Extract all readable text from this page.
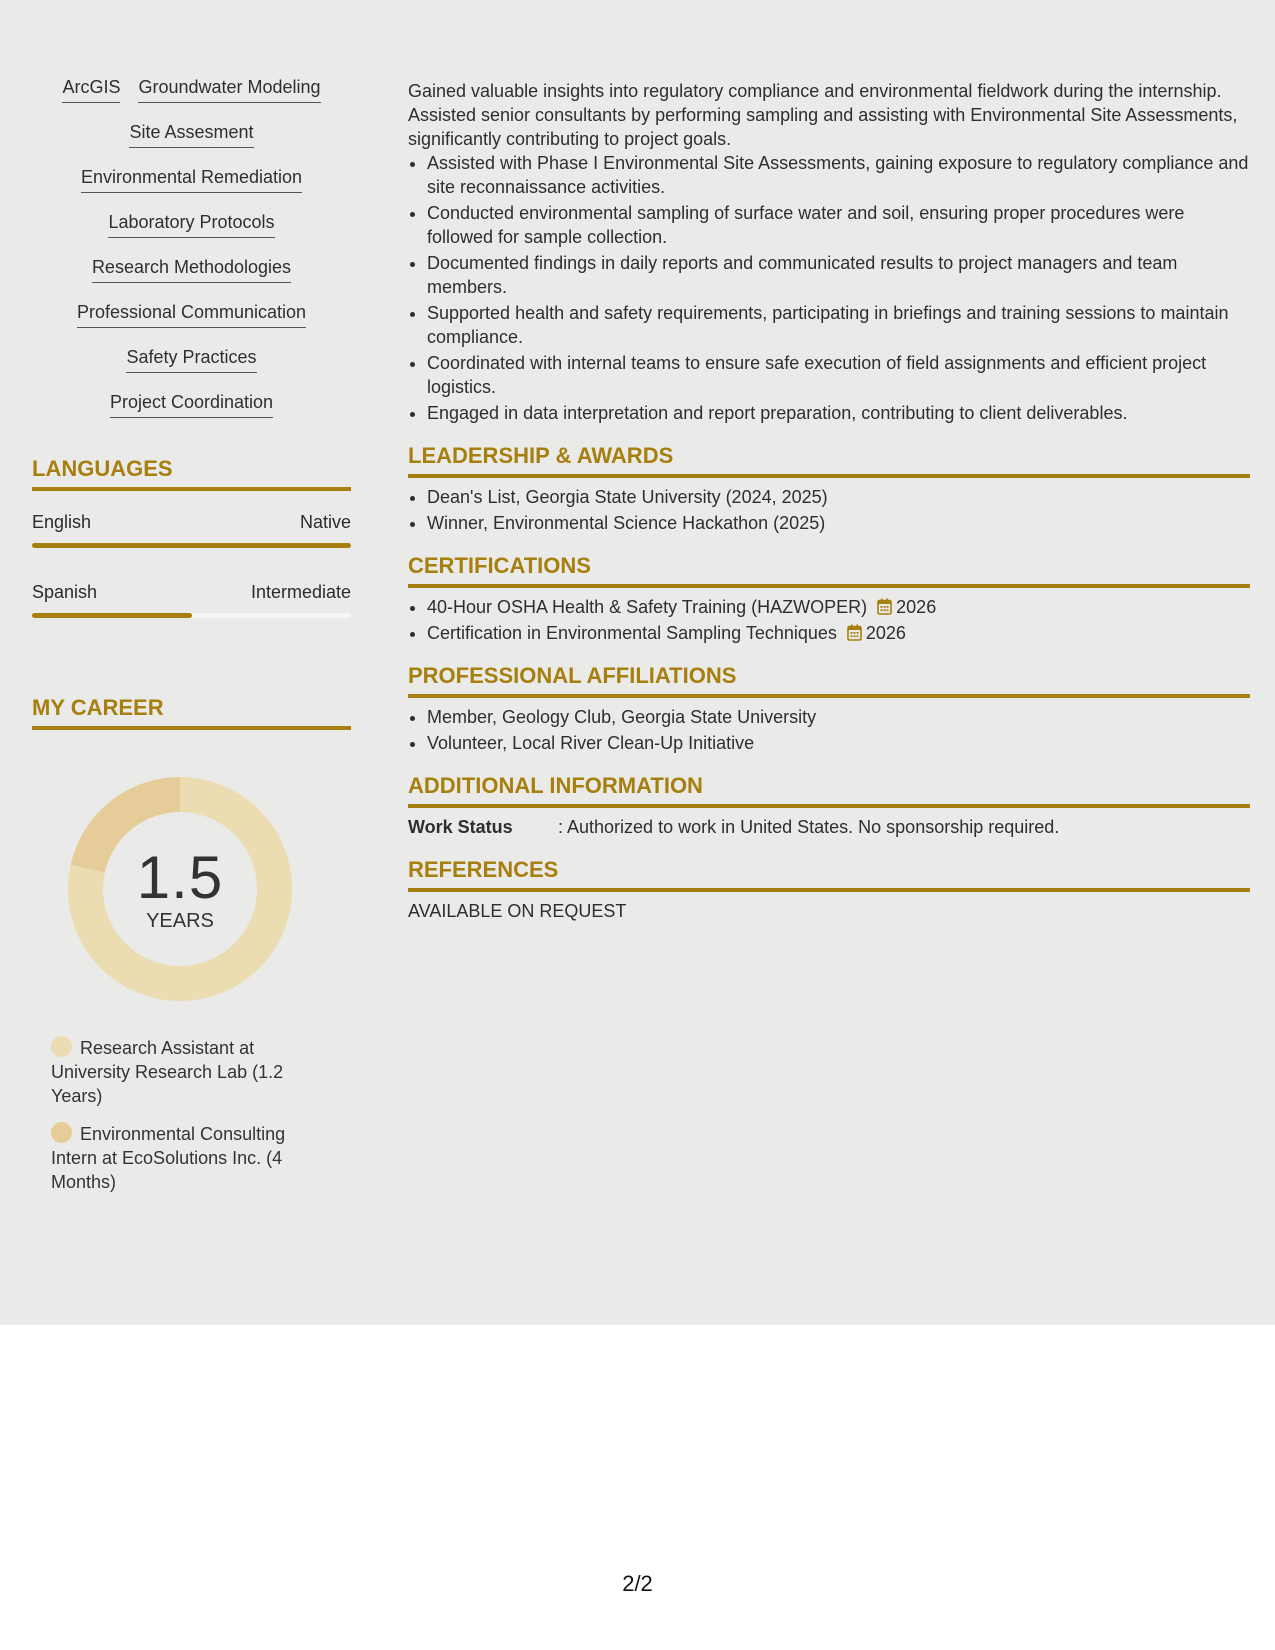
ArcGIS Groundwater Modeling
Site Assesment
Environmental Remediation
Laboratory Protocols
Research Methodologies
Professional Communication
Safety Practices
Project Coordination
LANGUAGES
English	Native
Spanish	Intermediate
MY CAREER
1.5
YEARS
Research Assistant at University Research Lab (1.2 Years)
Environmental Consulting Intern at EcoSolutions Inc. (4 Months)

Gained valuable insights into regulatory compliance and environmental fieldwork during the internship. Assisted senior consultants by performing sampling and assisting with Environmental Site Assessments, significantly contributing to project goals.

• Assisted with Phase I Environmental Site Assessments, gaining exposure to regulatory compliance and site reconnaissance activities.
• Conducted environmental sampling of surface water and soil, ensuring proper procedures were followed for sample collection.
• Documented findings in daily reports and communicated results to project managers and team members.
• Supported health and safety requirements, participating in briefings and training sessions to maintain compliance.
• Coordinated with internal teams to ensure safe execution of field assignments and efficient project logistics.
• Engaged in data interpretation and report preparation, contributing to client deliverables.
LEADERSHIP & AWARDS
• Dean's List, Georgia State University (2024, 2025)
• Winner, Environmental Science Hackathon (2025)
CERTIFICATIONS
• 40-Hour OSHA Health & Safety Training (HAZWOPER) 2026
• Certification in Environmental Sampling Techniques 2026
PROFESSIONAL AFFILIATIONS
• Member, Geology Club, Georgia State University
• Volunteer, Local River Clean-Up Initiative
ADDITIONAL INFORMATION
Work Status	: Authorized to work in United States. No sponsorship required.
REFERENCES
AVAILABLE ON REQUEST
2/2
